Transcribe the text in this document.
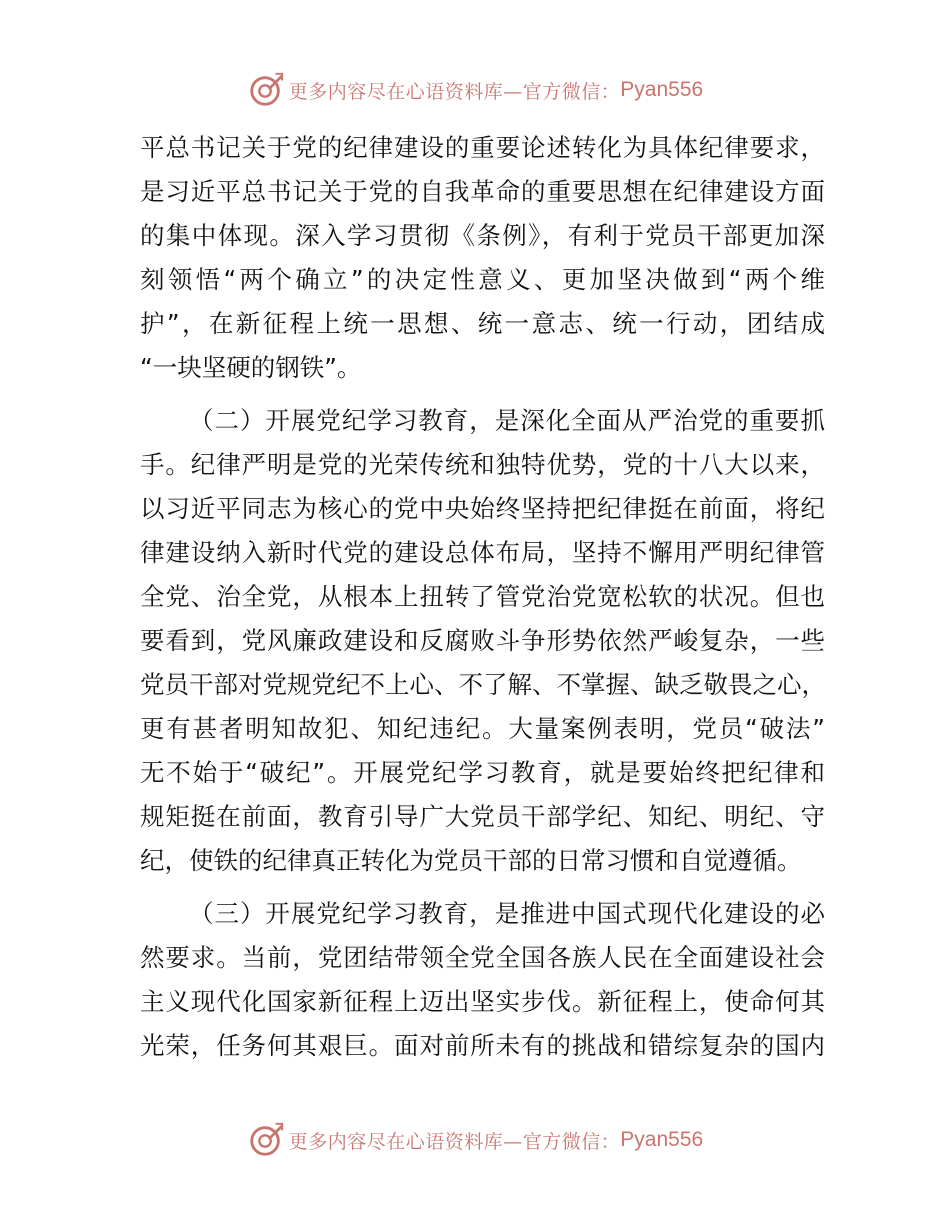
更多内容尽在心语资料库—官方微信： Pyan556
平总书记关于党的纪律建设的重要论述转化为具体纪律要求，
是习近平总书记关于党的自我革命的重要思想在纪律建设方面
的集中体现。深入学习贯彻《条例》，有利于党员干部更加深
刻领悟“两个确立”的决定性意义、更加坚决做到“两个维
护”，在新征程上统一思想、统一意志、统一行动，团结成
“一块坚硬的钢铁”。
（二）开展党纪学习教育，是深化全面从严治党的重要抓
手。纪律严明是党的光荣传统和独特优势，党的十八大以来，
以习近平同志为核心的党中央始终坚持把纪律挺在前面，将纪
律建设纳入新时代党的建设总体布局，坚持不懈用严明纪律管
全党、治全党，从根本上扭转了管党治党宽松软的状况。但也
要看到，党风廉政建设和反腐败斗争形势依然严峻复杂，一些
党员干部对党规党纪不上心、不了解、不掌握、缺乏敬畏之心，
更有甚者明知故犯、知纪违纪。大量案例表明，党员“破法”
无不始于“破纪”。开展党纪学习教育，就是要始终把纪律和
规矩挺在前面，教育引导广大党员干部学纪、知纪、明纪、守
纪，使铁的纪律真正转化为党员干部的日常习惯和自觉遵循。
（三）开展党纪学习教育，是推进中国式现代化建设的必
然要求。当前，党团结带领全党全国各族人民在全面建设社会
主义现代化国家新征程上迈出坚实步伐。新征程上，使命何其
光荣，任务何其艰巨。面对前所未有的挑战和错综复杂的国内
更多内容尽在心语资料库—官方微信： Pyan556
